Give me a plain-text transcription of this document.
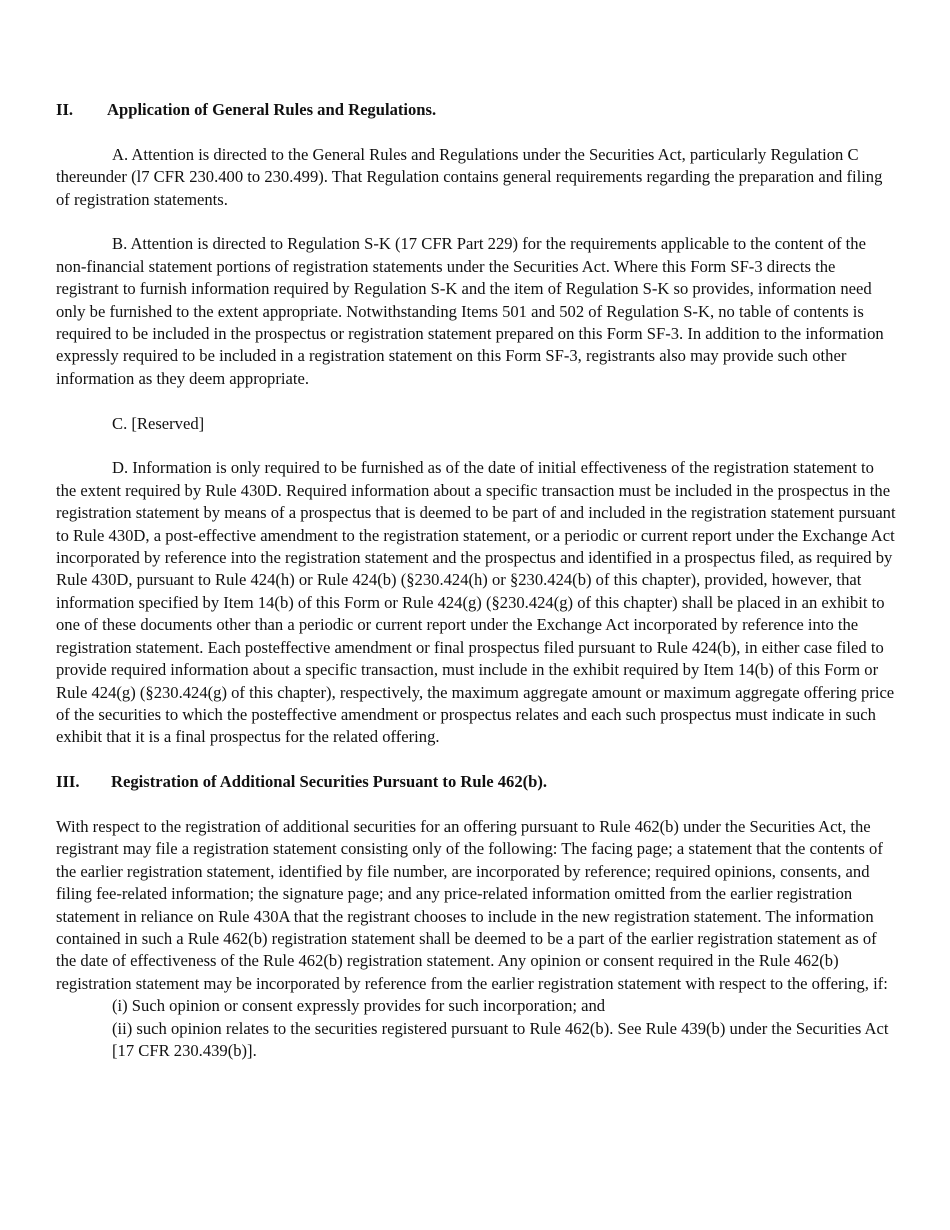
II.	Application of General Rules and Regulations.

A. Attention is directed to the General Rules and Regulations under the Securities Act, particularly Regulation C thereunder (l7 CFR 230.400 to 230.499). That Regulation contains general requirements regarding the preparation and filing of registration statements.

B. Attention is directed to Regulation S-K (17 CFR Part 229) for the requirements applicable to the content of the non-financial statement portions of registration statements under the Securities Act. Where this Form SF-3 directs the registrant to furnish information required by Regulation S-K and the item of Regulation S-K so provides, information need only be furnished to the extent appropriate. Notwithstanding Items 501 and 502 of Regulation S-K, no table of contents is required to be included in the prospectus or registration statement prepared on this Form SF-3. In addition to the information expressly required to be included in a registration statement on this Form SF-3, registrants also may provide such other information as they deem appropriate.

C. [Reserved]

D. Information is only required to be furnished as of the date of initial effectiveness of the registration statement to the extent required by Rule 430D. Required information about a specific transaction must be included in the prospectus in the registration statement by means of a prospectus that is deemed to be part of and included in the registration statement pursuant to Rule 430D, a post-effective amendment to the registration statement, or a periodic or current report under the Exchange Act incorporated by reference into the registration statement and the prospectus and identified in a prospectus filed, as required by Rule 430D, pursuant to Rule 424(h) or Rule 424(b) (§230.424(h) or §230.424(b) of this chapter), provided, however, that information specified by Item 14(b) of this Form or Rule 424(g) (§230.424(g) of this chapter) shall be placed in an exhibit to one of these documents other than a periodic or current report under the Exchange Act incorporated by reference into the registration statement. Each posteffective amendment or final prospectus filed pursuant to Rule 424(b), in either case filed to provide required information about a specific transaction, must include in the exhibit required by Item 14(b) of this Form or Rule 424(g) (§230.424(g) of this chapter), respectively, the maximum aggregate amount or maximum aggregate offering price of the securities to which the posteffective amendment or prospectus relates and each such prospectus must indicate in such exhibit that it is a final prospectus for the related offering.

III.	Registration of Additional Securities Pursuant to Rule 462(b).

With respect to the registration of additional securities for an offering pursuant to Rule 462(b) under the Securities Act, the registrant may file a registration statement consisting only of the following: The facing page; a statement that the contents of the earlier registration statement, identified by file number, are incorporated by reference; required opinions, consents, and filing fee-related information; the signature page; and any price-related information omitted from the earlier registration statement in reliance on Rule 430A that the registrant chooses to include in the new registration statement. The information contained in such a Rule 462(b) registration statement shall be deemed to be a part of the earlier registration statement as of the date of effectiveness of the Rule 462(b) registration statement. Any opinion or consent required in the Rule 462(b) registration statement may be incorporated by reference from the earlier registration statement with respect to the offering, if:

(i) Such opinion or consent expressly provides for such incorporation; and
(ii) such opinion relates to the securities registered pursuant to Rule 462(b). See Rule 439(b) under the Securities Act [17 CFR 230.439(b)].
